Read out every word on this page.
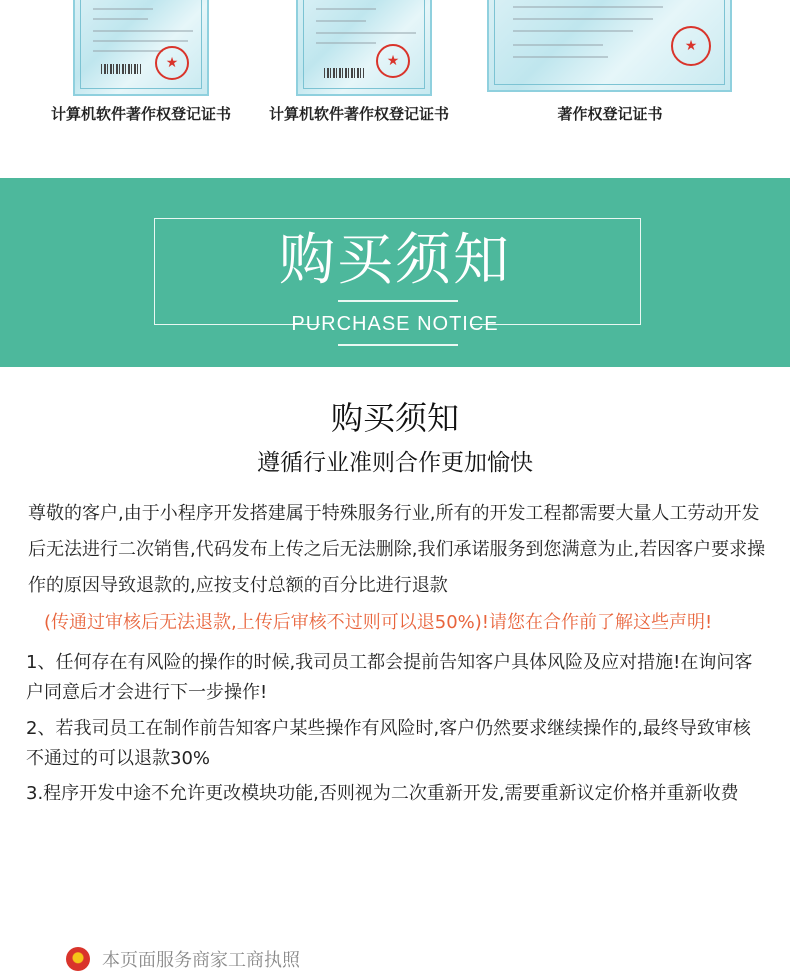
★
计算机软件著作权登记证书
★
计算机软件著作权登记证书
★
著作权登记证书
购买须知
PURCHASE NOTICE
购买须知
遵循行业准则合作更加愉快
尊敬的客户,由于小程序开发搭建属于特殊服务行业,所有的开发工程都需要大量人工劳动开发后无法进行二次销售,代码发布上传之后无法删除,我们承诺服务到您满意为止,若因客户要求操作的原因导致退款的,应按支付总额的百分比进行退款
(传通过审核后无法退款,上传后审核不过则可以退50%)!请您在合作前了解这些声明!
1、任何存在有风险的操作的时候,我司员工都会提前告知客户具体风险及应对措施!在询问客户同意后才会进行下一步操作!
2、若我司员工在制作前告知客户某些操作有风险时,客户仍然要求继续操作的,最终导致审核不通过的可以退款30%
3.程序开发中途不允许更改模块功能,否则视为二次重新开发,需要重新议定价格并重新收费
本页面服务商家工商执照
